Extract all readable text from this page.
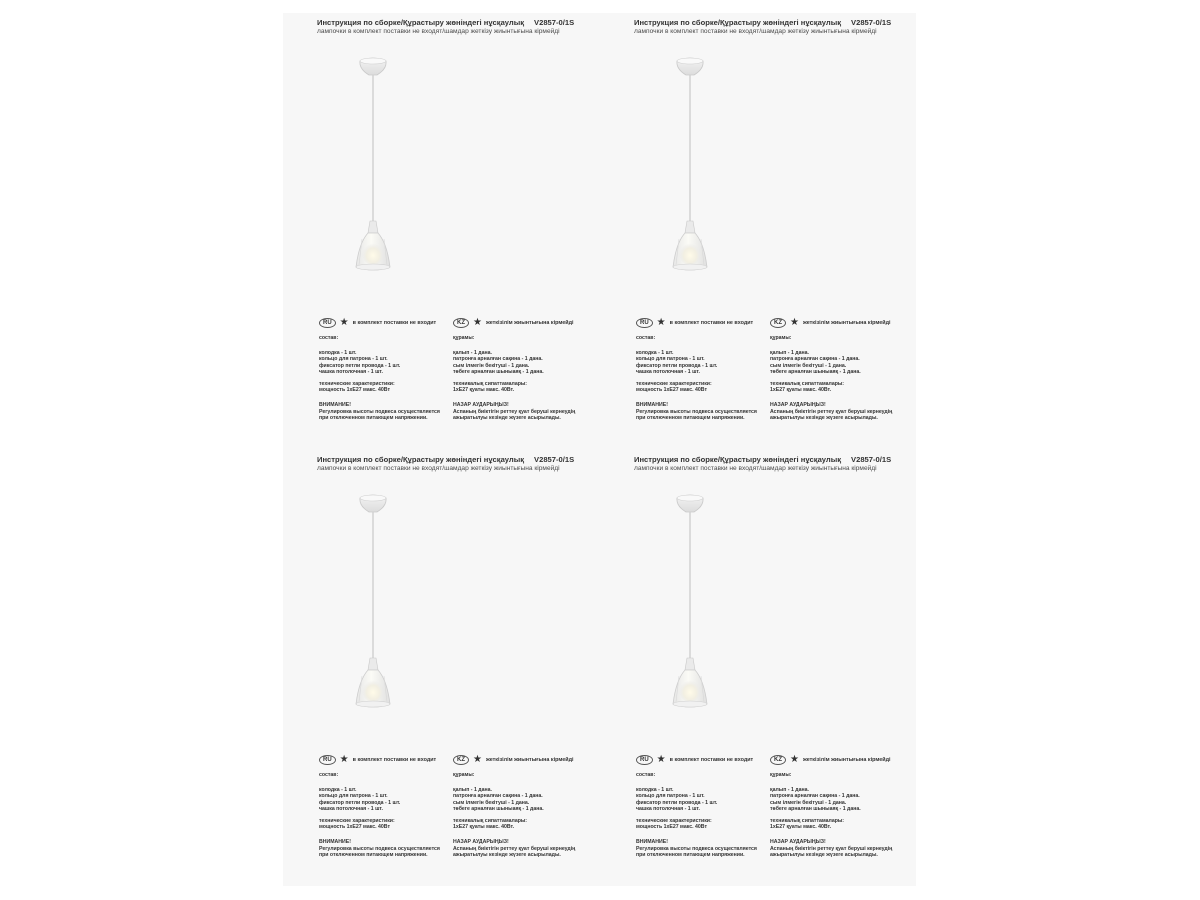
Инструкция по сборке/Құрастыру жөніндегі нұсқаулық V2857-0/1S
лампочки в комплект поставки не входят/шамдар жеткізу жиынтығына кірмейді
RU ★ в комплект поставки не входит
состав:
колодка - 1 шт.
кольцо для патрона - 1 шт.
фиксатор петли провода - 1 шт.
чашка потолочная - 1 шт.
технические характеристики:
мощность 1хЕ27 макс. 40Вт
ВНИМАНИЕ!
Регулировка высоты подвеса осуществляется
при отключенном питающем напряжении.
KZ ★ жеткізілім жиынтығына кірмейді
құрамы:
қалып - 1 дана.
патронға арналған сақина - 1 дана.
сым ілмегін бекітуші - 1 дана.
төбеге арналған шыныаяқ - 1 дана.
техникалық сипаттамалары:
1хЕ27 қуаты макс. 40Вт.
НАЗАР АУДАРЫҢЫЗ!
Аспаның биіктігін реттеу қуат беруші кернеудің
ажыратылуы кезінде жүзеге асырылады.
Инструкция по сборке/Құрастыру жөніндегі нұсқаулық V2857-0/1S
лампочки в комплект поставки не входят/шамдар жеткізу жиынтығына кірмейді
RU ★ в комплект поставки не входит
состав:
колодка - 1 шт.
кольцо для патрона - 1 шт.
фиксатор петли провода - 1 шт.
чашка потолочная - 1 шт.
технические характеристики:
мощность 1хЕ27 макс. 40Вт
ВНИМАНИЕ!
Регулировка высоты подвеса осуществляется
при отключенном питающем напряжении.
KZ ★ жеткізілім жиынтығына кірмейді
құрамы:
қалып - 1 дана.
патронға арналған сақина - 1 дана.
сым ілмегін бекітуші - 1 дана.
төбеге арналған шыныаяқ - 1 дана.
техникалық сипаттамалары:
1хЕ27 қуаты макс. 40Вт.
НАЗАР АУДАРЫҢЫЗ!
Аспаның биіктігін реттеу қуат беруші кернеудің
ажыратылуы кезінде жүзеге асырылады.
Инструкция по сборке/Құрастыру жөніндегі нұсқаулық V2857-0/1S
лампочки в комплект поставки не входят/шамдар жеткізу жиынтығына кірмейді
RU ★ в комплект поставки не входит
состав:
колодка - 1 шт.
кольцо для патрона - 1 шт.
фиксатор петли провода - 1 шт.
чашка потолочная - 1 шт.
технические характеристики:
мощность 1хЕ27 макс. 40Вт
ВНИМАНИЕ!
Регулировка высоты подвеса осуществляется
при отключенном питающем напряжении.
KZ ★ жеткізілім жиынтығына кірмейді
құрамы:
қалып - 1 дана.
патронға арналған сақина - 1 дана.
сым ілмегін бекітуші - 1 дана.
төбеге арналған шыныаяқ - 1 дана.
техникалық сипаттамалары:
1хЕ27 қуаты макс. 40Вт.
НАЗАР АУДАРЫҢЫЗ!
Аспаның биіктігін реттеу қуат беруші кернеудің
ажыратылуы кезінде жүзеге асырылады.
Инструкция по сборке/Құрастыру жөніндегі нұсқаулық V2857-0/1S
лампочки в комплект поставки не входят/шамдар жеткізу жиынтығына кірмейді
RU ★ в комплект поставки не входит
состав:
колодка - 1 шт.
кольцо для патрона - 1 шт.
фиксатор петли провода - 1 шт.
чашка потолочная - 1 шт.
технические характеристики:
мощность 1хЕ27 макс. 40Вт
ВНИМАНИЕ!
Регулировка высоты подвеса осуществляется
при отключенном питающем напряжении.
KZ ★ жеткізілім жиынтығына кірмейді
құрамы:
қалып - 1 дана.
патронға арналған сақина - 1 дана.
сым ілмегін бекітуші - 1 дана.
төбеге арналған шыныаяқ - 1 дана.
техникалық сипаттамалары:
1хЕ27 қуаты макс. 40Вт.
НАЗАР АУДАРЫҢЫЗ!
Аспаның биіктігін реттеу қуат беруші кернеудің
ажыратылуы кезінде жүзеге асырылады.
